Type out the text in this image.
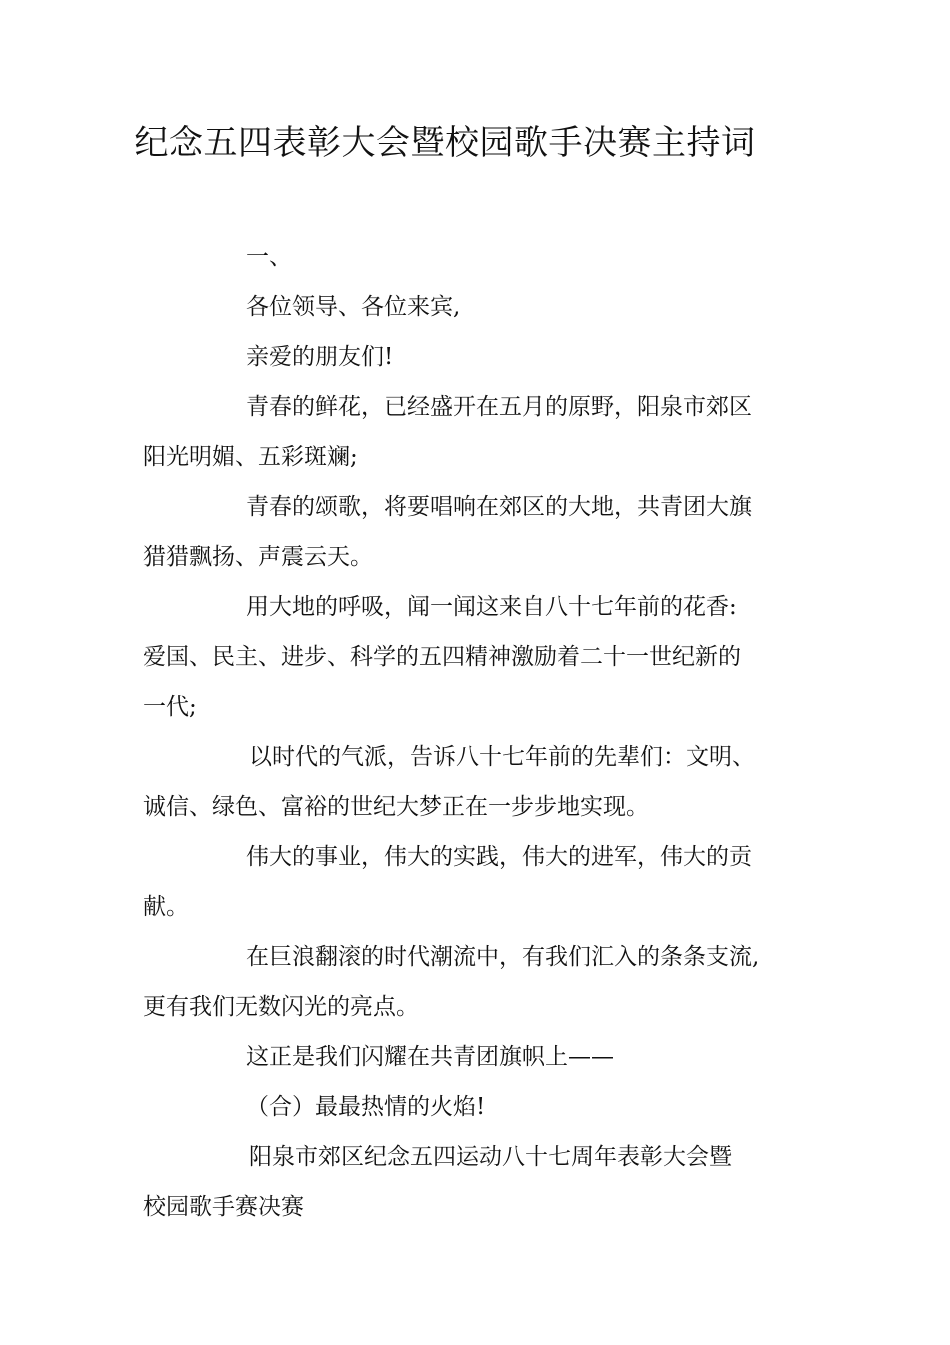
纪念五四表彰大会暨校园歌手决赛主持词
一、
各位领导、各位来宾,
亲爱的朋友们!
青春的鲜花，已经盛开在五月的原野，阳泉市郊区
阳光明媚、五彩斑斓;
青春的颂歌，将要唱响在郊区的大地，共青团大旗
猎猎飘扬、声震云天。
用大地的呼吸，闻一闻这来自八十七年前的花香:
爱国、民主、进步、科学的五四精神激励着二十一世纪新的
一代;
以时代的气派，告诉八十七年前的先辈们：文明、
诚信、绿色、富裕的世纪大梦正在一步步地实现。
伟大的事业，伟大的实践，伟大的进军，伟大的贡
献。
在巨浪翻滚的时代潮流中，有我们汇入的条条支流,
更有我们无数闪光的亮点。
这正是我们闪耀在共青团旗帜上——
（合）最最热情的火焰!
阳泉市郊区纪念五四运动八十七周年表彰大会暨
校园歌手赛决赛
